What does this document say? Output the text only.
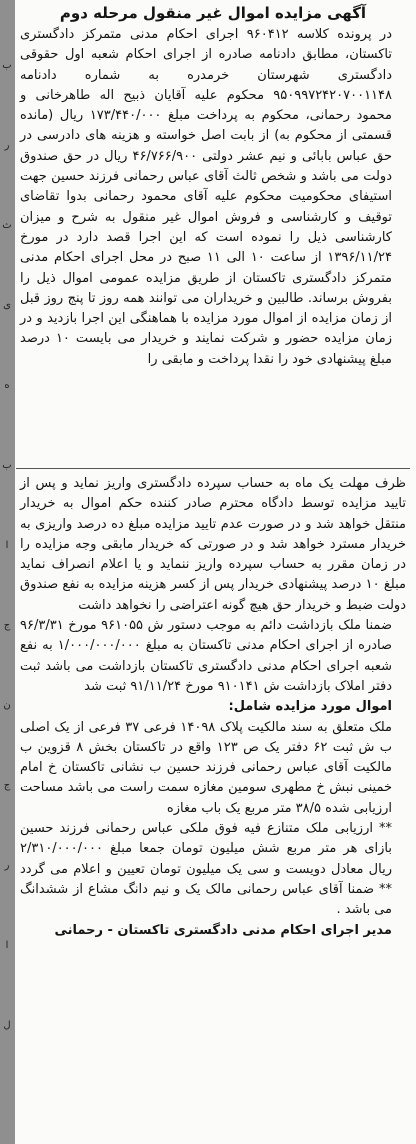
ب
ر
ث
ی
ه
ب
ا
ج
ن
ج
ر
ا
ل
آگهی مزایده اموال غیر منقول مرحله دوم

در پرونده کلاسه ۹۶۰۴۱۲ اجرای احکام مدنی متمرکز دادگستری تاکستان، مطابق دادنامه صادره از اجرای احکام شعبه اول حقوقی دادگستری شهرستان خرمدره به شماره دادنامه ۹۵۰۹۹۷۲۴۲۰۷۰۰۱۱۴۸ محکوم علیه آقایان ذبیح اله طاهرخانی و محمود رحمانی، محکوم به پرداخت مبلغ ۱۷۳/۴۴۰/۰۰۰ ریال (مانده قسمتی از محکوم به) از بابت اصل خواسته و هزینه های دادرسی در حق عباس بابائی و نیم عشر دولتی ۴۶/۷۶۶/۹۰۰ ریال در حق صندوق دولت می باشد و شخص ثالث آقای عباس رحمانی فرزند حسین جهت استیفای محکومیت محکوم علیه آقای محمود رحمانی بدوا تقاضای توقیف و کارشناسی و فروش اموال غیر منقول به شرح و میزان کارشناسی ذیل را نموده است که این اجرا قصد دارد در مورخ ۱۳۹۶/۱۱/۲۴ از ساعت ۱۰ الی ۱۱ صبح در محل اجرای احکام مدنی متمرکز دادگستری تاکستان از طریق مزایده عمومی اموال ذیل را بفروش برساند. طالبین و خریداران می توانند همه روز تا پنج روز قبل از زمان مزایده از اموال مورد مزایده با هماهنگی این اجرا بازدید و در زمان مزایده حضور و شرکت نمایند و خریدار می بایست ۱۰ درصد مبلغ پیشنهادی خود را نقدا پرداخت و مابقی را

ظرف مهلت یک ماه به حساب سپرده دادگستری واریز نماید و پس از تایید مزایده توسط دادگاه محترم صادر کننده حکم اموال به خریدار منتقل خواهد شد و در صورت عدم تایید مزایده مبلغ ده درصد واریزی به خریدار مسترد خواهد شد و در صورتی که خریدار مابقی وجه مزایده را در زمان مقرر به حساب سپرده واریز ننماید و یا اعلام انصراف نماید مبلغ ۱۰ درصد پیشنهادی خریدار پس از کسر هزینه مزایده به نفع صندوق دولت ضبط و خریدار حق هیچ گونه اعتراضی را نخواهد داشت

ضمنا ملک بازداشت دائم به موجب دستور ش ۹۶۱۰۵۵ مورخ ۹۶/۳/۳۱ صادره از اجرای احکام مدنی تاکستان به مبلغ ۱/۰۰۰/۰۰۰/۰۰۰ به نفع شعبه اجرای احکام مدنی دادگستری تاکستان بازداشت می باشد ثبت دفتر املاک بازداشت ش ۹۱۰۱۴۱ مورخ ۹۱/۱۱/۲۴ ثبت شد

اموال مورد مزایده شامل:

ملک متعلق به سند مالکیت پلاک ۱۴۰۹۸ فرعی ۳۷ فرعی از یک اصلی ب ش ثبت ۶۲ دفتر یک ص ۱۲۳ واقع در تاکستان بخش ۸ قزوین ب مالکیت آقای عباس رحمانی فرزند حسین ب نشانی تاکستان خ امام خمینی نبش خ مطهری سومین مغازه سمت راست می باشد مساحت ارزیابی شده ۳۸/۵ متر مربع یک باب مغازه

** ارزیابی ملک متنازع فیه فوق ملکی عباس رحمانی فرزند حسین بازای هر متر مربع شش میلیون تومان جمعا مبلغ ۲/۳۱۰/۰۰۰/۰۰۰ ریال معادل دویست و سی یک میلیون تومان تعیین و اعلام می گردد ** ضمنا آقای عباس رحمانی مالک یک و نیم دانگ مشاع از ششدانگ می باشد .

مدیر اجرای احکام مدنی دادگستری تاکستان - رحمانی
